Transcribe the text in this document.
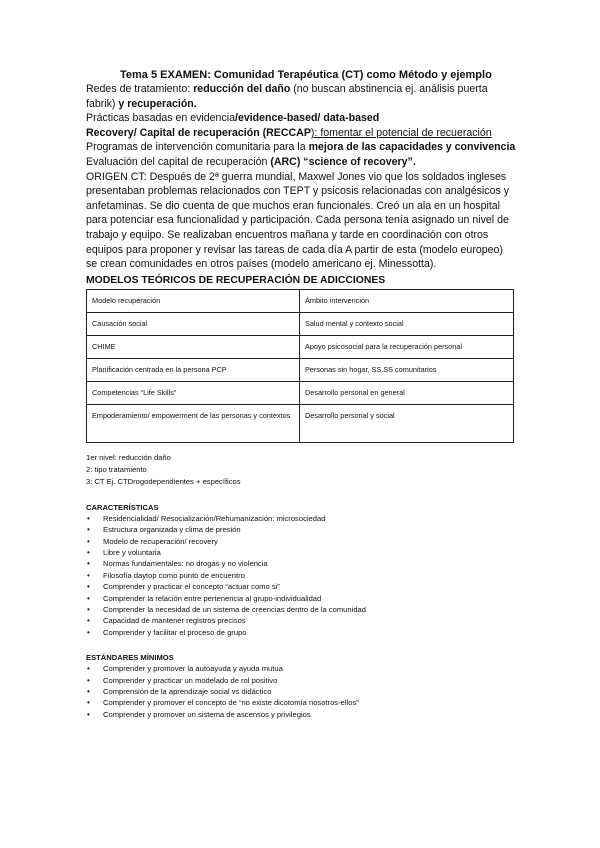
Tema 5 EXAMEN: Comunidad Terapéutica (CT) como Método y ejemplo

Redes de tratamiento: reducción del daño (no buscan abstinencia ej. análisis puerta fabrik) y recuperación.

Prácticas basadas en evidencia/evidence-based/ data-based

Recovery/ Capital de recuperación (RECCAP): fomentar el potencial de recueración

Programas de intervención comunitaria para la mejora de las capacidades y convivencia

Evaluación del capital de recuperación (ARC) “science of recovery”.

ORIGEN CT: Después de 2ª guerra mundial, Maxwel Jones vio que los soldados ingleses presentaban problemas relacionados con TEPT y psicosis relacionadas con analgésicos y anfetaminas. Se dio cuenta de que muchos eran funcionales. Creó un ala en un hospital para potenciar esa funcionalidad y participación. Cada persona tenía asignado un nivel de trabajo y equipo. Se realizaban encuentros mañana y tarde en coordinación con otros equipos para proponer y revisar las tareas de cada día A partir de esta (modelo europeo) se crean comunidades en otros países (modelo americano ej. Minessotta).

MODELOS TEÓRICOS DE RECUPERACIÓN DE ADICCIONES
Modelo recuperación	Ámbito intervención
Causación social	Salud mental y contexto social
CHIME	Apoyo psicosocial para la recuperación personal
Planificación centrada en la persona PCP	Personas sin hogar, SS.SS comunitarios
Competencias “Life Skills”	Desarrollo personal en general
Empoderamiento/ empowerment de las personas y contextos	Desarrollo personal y social
1er nivel: reducción daño
2: tipo tratamiento
3: CT Ej. CTDrogodependientes + específicos
CARACTERÍSTICAS
• Residencialidad/ Resocialización/Rehumanización: microsociedad
• Estructura organizada y clima de presión
• Modelo de recuperación/ recovery
• Libre y voluntaria
• Normas fundamentales: no drogas y no violencia
• Filosofía daytop como punto de encuentro
• Comprender y practicar el concepto “actuar como si”
• Comprender la relación entre pertenencia al grupo-individualidad
• Comprender la necesidad de un sistema de creencias dentro de la comunidad
• Capacidad de mantener registros precisos
• Comprender y facilitar el proceso de grupo
ESTÁNDARES MÍNIMOS
• Comprender y promover la autoayuda y ayuda mutua
• Comprender y practicar un modelado de rol positivo
• Comprensión de la aprendizaje social vs didáctico
• Comprender y promover el concepto de “no existe dicotomía nosotros-ellos”
• Comprender y promover un sistema de ascensos y privilegios
